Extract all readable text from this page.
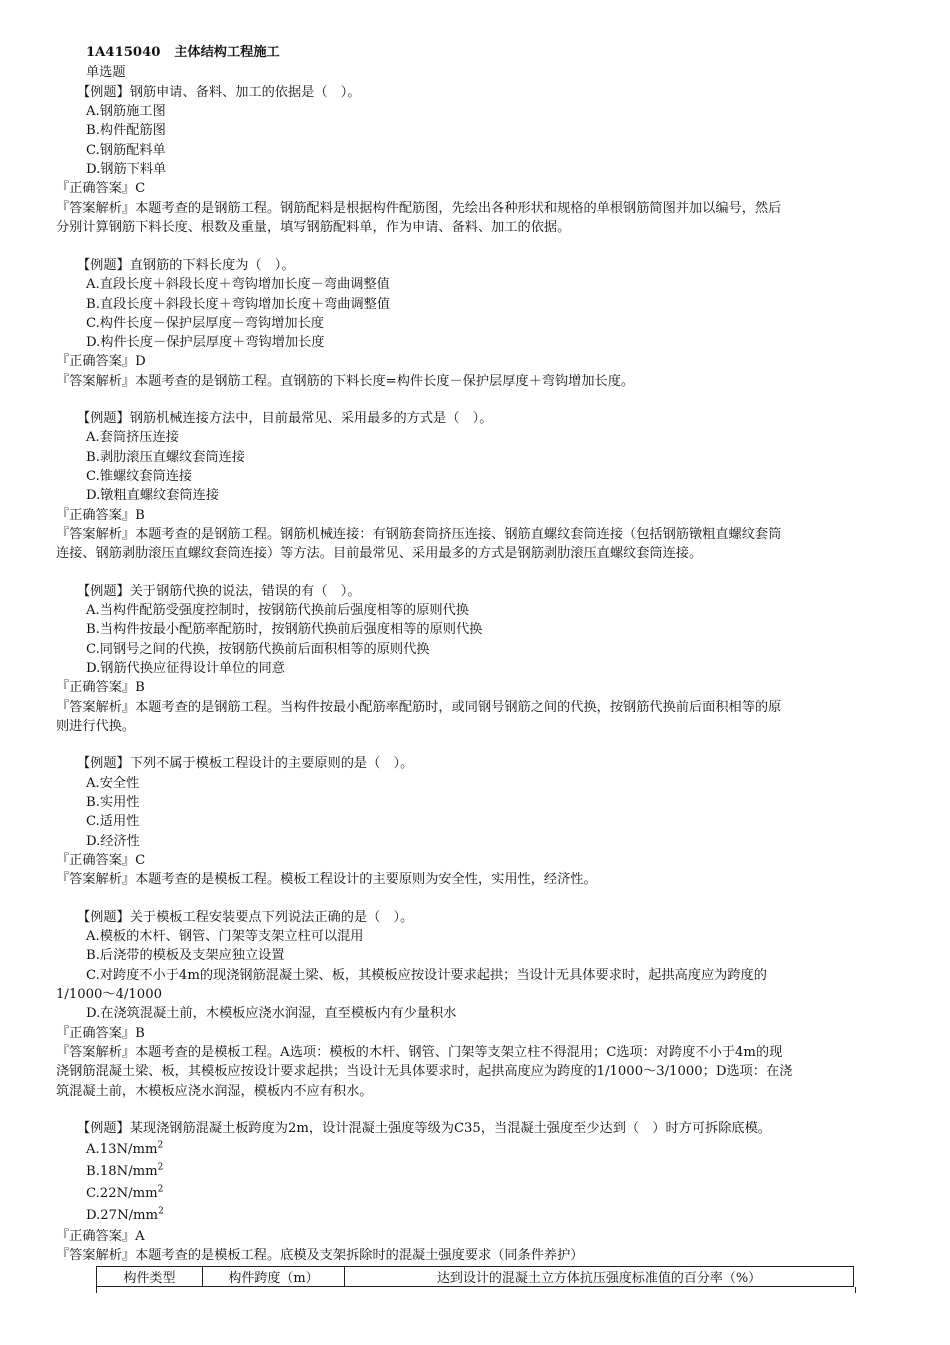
1A415040 主体结构工程施工
单选题
【例题】钢筋申请、备料、加工的依据是（　）。
A.钢筋施工图
B.构件配筋图
C.钢筋配料单
D.钢筋下料单
『正确答案』C
『答案解析』本题考查的是钢筋工程。钢筋配料是根据构件配筋图，先绘出各种形状和规格的单根钢筋简图并加以编号，然后
分别计算钢筋下料长度、根数及重量，填写钢筋配料单，作为申请、备料、加工的依据。
【例题】直钢筋的下料长度为（　）。
A.直段长度＋斜段长度＋弯钩增加长度－弯曲调整值
B.直段长度＋斜段长度＋弯钩增加长度＋弯曲调整值
C.构件长度－保护层厚度－弯钩增加长度
D.构件长度－保护层厚度＋弯钩增加长度
『正确答案』D
『答案解析』本题考查的是钢筋工程。直钢筋的下料长度=构件长度－保护层厚度＋弯钩增加长度。
【例题】钢筋机械连接方法中，目前最常见、采用最多的方式是（　）。
A.套筒挤压连接
B.剥肋滚压直螺纹套筒连接
C.锥螺纹套筒连接
D.镦粗直螺纹套筒连接
『正确答案』B
『答案解析』本题考查的是钢筋工程。钢筋机械连接：有钢筋套筒挤压连接、钢筋直螺纹套筒连接（包括钢筋镦粗直螺纹套筒
连接、钢筋剥肋滚压直螺纹套筒连接）等方法。目前最常见、采用最多的方式是钢筋剥肋滚压直螺纹套筒连接。
【例题】关于钢筋代换的说法，错误的有（　）。
A.当构件配筋受强度控制时，按钢筋代换前后强度相等的原则代换
B.当构件按最小配筋率配筋时，按钢筋代换前后强度相等的原则代换
C.同钢号之间的代换，按钢筋代换前后面积相等的原则代换
D.钢筋代换应征得设计单位的同意
『正确答案』B
『答案解析』本题考查的是钢筋工程。当构件按最小配筋率配筋时，或同钢号钢筋之间的代换，按钢筋代换前后面积相等的原
则进行代换。
【例题】下列不属于模板工程设计的主要原则的是（　）。
A.安全性
B.实用性
C.适用性
D.经济性
『正确答案』C
『答案解析』本题考查的是模板工程。模板工程设计的主要原则为安全性，实用性，经济性。
【例题】关于模板工程安装要点下列说法正确的是（　）。
A.模板的木杆、钢管、门架等支架立柱可以混用
B.后浇带的模板及支架应独立设置
C.对跨度不小于4m的现浇钢筋混凝土梁、板，其模板应按设计要求起拱；当设计无具体要求时，起拱高度应为跨度的
1/1000～4/1000
D.在浇筑混凝土前，木模板应浇水润湿，直至模板内有少量积水
『正确答案』B
『答案解析』本题考查的是模板工程。A选项：模板的木杆、钢管、门架等支架立柱不得混用；C选项：对跨度不小于4m的现
浇钢筋混凝土梁、板，其模板应按设计要求起拱；当设计无具体要求时，起拱高度应为跨度的1/1000～3/1000；D选项：在浇
筑混凝土前，木模板应浇水润湿，模板内不应有积水。
【例题】某现浇钢筋混凝土板跨度为2m，设计混凝土强度等级为C35，当混凝土强度至少达到（　）时方可拆除底模。
$A.13N/mm^2$
$B.18N/mm^2$
$C.22N/mm^2$
$D.27N/mm^2$
『正确答案』A
『答案解析』本题考查的是模板工程。底模及支架拆除时的混凝土强度要求（同条件养护）
构件类型	构件跨度（m）	达到设计的混凝土立方体抗压强度标准值的百分率（%）
